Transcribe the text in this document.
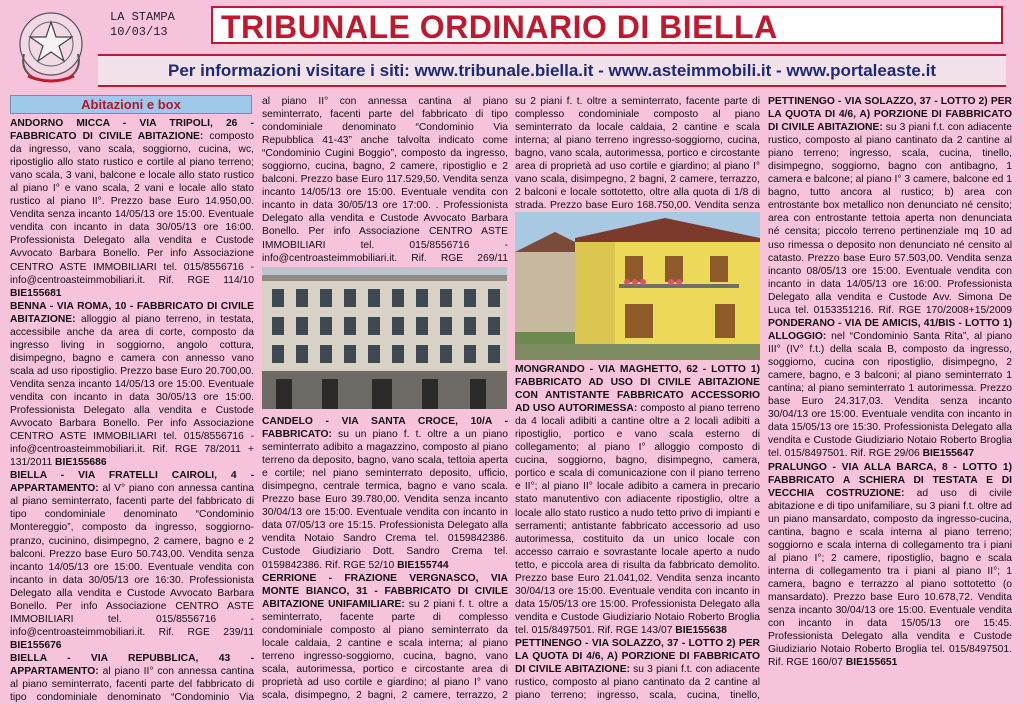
LA STAMPA
10/03/13 TRIBUNALE ORDINARIO DI BIELLA
Per informazioni visitare i siti: www.tribunale.biella.it - www.asteimmobili.it - www.portaleaste.it
Abitazioni e box

ANDORNO MICCA - VIA TRIPOLI, 26 - FABBRICATO DI CIVILE ABITAZIONE: composto da ingresso, vano scala, soggiorno, cucina, wc, ripostiglio allo stato rustico e cortile al piano terreno; vano scala, 3 vani, balcone e locale allo stato rustico al piano I° e vano scala, 2 vani e locale allo stato rustico al piano II°. Prezzo base Euro 14.950,00. Vendita senza incanto 14/05/13 ore 15:00. Eventuale vendita con incanto in data 30/05/13 ore 16:00. Professionista Delegato alla vendita e Custode Avvocato Barbara Bonello. Per info Associazione CENTRO ASTE IMMOBILIARI tel. 015/8556716 - info@centroasteimmobiliari.it. Rif. RGE 114/10 BIE155681

BENNA - VIA ROMA, 10 - FABBRICATO DI CIVILE ABITAZIONE: alloggio al piano terreno, in testata, accessibile anche da area di corte, composto da ingresso living in soggiorno, angolo cottura, disimpegno, bagno e camera con annesso vano scala ad uso ripostiglio. Prezzo base Euro 20.700,00. Vendita senza incanto 14/05/13 ore 15:00. Eventuale vendita con incanto in data 30/05/13 ore 15:00. Professionista Delegato alla vendita e Custode Avvocato Barbara Bonello. Per info Associazione CENTRO ASTE IMMOBILIARI tel. 015/8556716 - info@centroasteimmobiliari.it. Rif. RGE 78/2011 + 131/2011 BIE155686

BIELLA - VIA FRATELLI CAIROLI, 4 - APPARTAMENTO: al V° piano con annessa cantina al piano seminterrato, facenti parte del fabbricato di tipo condominiale denominato “Condominio Montereggio”, composto da ingresso, soggiorno-pranzo, cucinino, disimpegno, 2 camere, bagno e 2 balconi. Prezzo base Euro 50.743,00. Vendita senza incanto 14/05/13 ore 15:00. Eventuale vendita con incanto in data 30/05/13 ore 16:30. Professionista Delegato alla vendita e Custode Avvocato Barbara Bonello. Per info Associazione CENTRO ASTE IMMOBILIARI tel. 015/8556716 - info@centroasteimmobiliari.it. Rif. RGE 239/11 BIE155676

BIELLA - VIA REPUBBLICA, 43 - APPARTAMENTO: al piano II° con annessa cantina al piano seminterrato, facenti parte del fabbricato di tipo condominiale denominato “Condominio Via

al piano II° con annessa cantina al piano seminterrato, facenti parte del fabbricato di tipo condominiale denominato “Condominio Via Repubblica 41-43” anche talvolta indicato come “Condominio Cugini Boggio”, composto da ingresso, soggiorno, cucina, bagno, 2 camere, ripostiglio e 2 balconi. Prezzo base Euro 117.529,50. Vendita senza incanto 14/05/13 ore 15:00. Eventuale vendita con incanto in data 30/05/13 ore 17:00. . Professionista Delegato alla vendita e Custode Avvocato Barbara Bonello. Per info Associazione CENTRO ASTE IMMOBILIARI tel. 015/8556716 - info@centroasteimmobiliari.it. Rif. RGE 269/11

CANDELO - VIA SANTA CROCE, 10/A - FABBRICATO: su un piano f. t. oltre a un piano seminterrato adibito a magazzino, composto al piano terreno da deposito, bagno, vano scala, tettoia aperta e cortile; nel piano seminterrato deposito, ufficio, disimpegno, centrale termica, bagno e vano scala. Prezzo base Euro 39.780,00. Vendita senza incanto 30/04/13 ore 15:00. Eventuale vendita con incanto in data 07/05/13 ore 15:15. Professionista Delegato alla vendita Notaio Sandro Crema tel. 0159842386. Custode Giudiziario Dott. Sandro Crema tel. 0159842386. Rif. RGE 52/10 BIE155744

CERRIONE - FRAZIONE VERGNASCO, VIA MONTE BIANCO, 31 - FABBRICATO DI CIVILE ABITAZIONE UNIFAMILIARE: su 2 piani f. t. oltre a seminterrato, facente parte di complesso condominiale composto al piano seminterrato da locale caldaia, 2 cantine e scala interna; al piano terreno ingresso-soggiorno, cucina, bagno, vano scala, autorimessa, portico e circostante area di proprietà ad uso cortile e giardino; al piano I° vano scala, disimpegno, 2 bagni, 2 camere, terrazzo, 2

su 2 piani f. t. oltre a seminterrato, facente parte di complesso condominiale composto al piano seminterrato da locale caldaia, 2 cantine e scala interna; al piano terreno ingresso-soggiorno, cucina, bagno, vano scala, autorimessa, portico e circostante area di proprietà ad uso cortile e giardino; al piano I° vano scala, disimpegno, 2 bagni, 2 camere, terrazzo, 2 balconi e locale sottotetto, oltre alla quota di 1/8 di strada. Prezzo base Euro 168.750,00. Vendita senza

MONGRANDO - VIA MAGHETTO, 62 - LOTTO 1) FABBRICATO AD USO DI CIVILE ABITAZIONE CON ANTISTANTE FABBRICATO ACCESSORIO AD USO AUTORIMESSA: composto al piano terreno da 4 locali adibiti a cantine oltre a 2 locali adibiti a ripostiglio, portico e vano scala esterno di collegamento; al piano I° alloggio composto di cucina, soggiorno, bagno, disimpegno, camera, portico e scala di comunicazione con il piano terreno e II°; al piano II° locale adibito a camera in precario stato manutentivo con adiacente ripostiglio, oltre a locale allo stato rustico a nudo tetto privo di impianti e serramenti; antistante fabbricato accessorio ad uso autorimessa, costituito da un unico locale con accesso carraio e sovrastante locale aperto a nudo tetto, e piccola area di risulta da fabbricato demolito. Prezzo base Euro 21.041,02. Vendita senza incanto 30/04/13 ore 15:00. Eventuale vendita con incanto in data 15/05/13 ore 15:00. Professionista Delegato alla vendita e Custode Giudiziario Notaio Roberto Broglia tel. 015/8497501. Rif. RGE 143/07 BIE155638

PETTINENGO - VIA SOLAZZO, 37 - LOTTO 2) PER LA QUOTA DI 4/6, A) PORZIONE DI FABBRICATO DI CIVILE ABITAZIONE: su 3 piani f.t. con adiacente rustico, composto al piano cantinato da 2 cantine al piano terreno; ingresso, scala, cucina, tinello,

PETTINENGO - VIA SOLAZZO, 37 - LOTTO 2) PER LA QUOTA DI 4/6, A) PORZIONE DI FABBRICATO DI CIVILE ABITAZIONE: su 3 piani f.t. con adiacente rustico, composto al piano cantinato da 2 cantine al piano terreno; ingresso, scala, cucina, tinello, disimpegno, soggiorno, bagno con antibagno, 1 camera e balcone; al piano I° 3 camere, balcone ed 1 bagno, tutto ancora al rustico; b) area con entrostante box metallico non denunciato né censito; area con entrostante tettoia aperta non denunciata né censita; piccolo terreno pertinenziale mq 10 ad uso rimessa o deposito non denunciato né censito al catasto. Prezzo base Euro 57.503,00. Vendita senza incanto 08/05/13 ore 15:00. Eventuale vendita con incanto in data 14/05/13 ore 16:00. Professionista Delegato alla vendita e Custode Avv. Simona De Luca tel. 0153351216. Rif. RGE 170/2008+15/2009

PONDERANO - VIA DE AMICIS, 41/BIS - LOTTO 1) ALLOGGIO: nel “Condominio Santa Rita”, al piano III° (IV° f.t.) della scala B, composto da ingresso, soggiorno, cucina con ripostiglio, disimpegno, 2 camere, bagno, e 3 balconi; al piano seminterrato 1 cantina; al piano seminterrato 1 autorimessa. Prezzo base Euro 24.317,03. Vendita senza incanto 30/04/13 ore 15:00. Eventuale vendita con incanto in data 15/05/13 ore 15:30. Professionista Delegato alla vendita e Custode Giudiziario Notaio Roberto Broglia tel. 015/8497501. Rif. RGE 29/06 BIE155647

PRALUNGO - VIA ALLA BARCA, 8 - LOTTO 1) FABBRICATO A SCHIERA DI TESTATA E DI VECCHIA COSTRUZIONE: ad uso di civile abitazione e di tipo unifamiliare, su 3 piani f.t. oltre ad un piano mansardato, composto da ingresso-cucina, cantina, bagno e scala interna al piano terreno; soggiorno e scala interna di collegamento tra i piani al piano I°; 2 camere, ripostiglio, bagno e scala interna di collegamento tra i piani al piano II°; 1 camera, bagno e terrazzo al piano sottotetto (o mansardato). Prezzo base Euro 10.678,72. Vendita senza incanto 30/04/13 ore 15:00. Eventuale vendita con incanto in data 15/05/13 ore 15:45. Professionista Delegato alla vendita e Custode Giudiziario Notaio Roberto Broglia tel. 015/8497501. Rif. RGE 160/07 BIE155651
